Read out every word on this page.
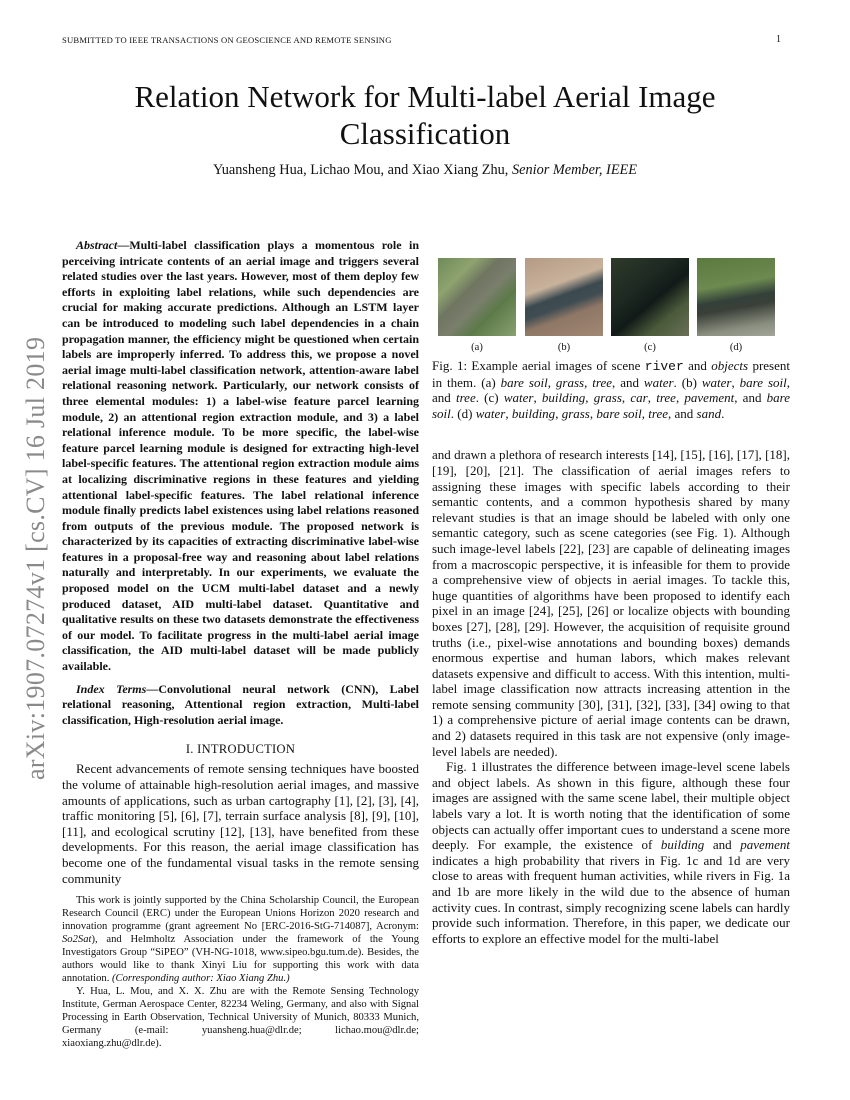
SUBMITTED TO IEEE TRANSACTIONS ON GEOSCIENCE AND REMOTE SENSING	1
arXiv:1907.07274v1 [cs.CV] 16 Jul 2019
Relation Network for Multi-label Aerial Image
Classification
Yuansheng Hua, Lichao Mou, and Xiao Xiang Zhu, Senior Member, IEEE
Abstract—Multi-label classification plays a momentous role in perceiving intricate contents of an aerial image and triggers several related studies over the last years. However, most of them deploy few efforts in exploiting label relations, while such dependencies are crucial for making accurate predictions. Although an LSTM layer can be introduced to modeling such label dependencies in a chain propagation manner, the efficiency might be questioned when certain labels are improperly inferred. To address this, we propose a novel aerial image multi-label classification network, attention-aware label relational reasoning network. Particularly, our network consists of three elemental modules: 1) a label-wise feature parcel learning module, 2) an attentional region extraction module, and 3) a label relational inference module. To be more specific, the label-wise feature parcel learning module is designed for extracting high-level label-specific features. The attentional region extraction module aims at localizing discriminative regions in these features and yielding attentional label-specific features. The label relational inference module finally predicts label existences using label relations reasoned from outputs of the previous module. The proposed network is characterized by its capacities of extracting discriminative label-wise features in a proposal-free way and reasoning about label relations naturally and interpretably. In our experiments, we evaluate the proposed model on the UCM multi-label dataset and a newly produced dataset, AID multi-label dataset. Quantitative and qualitative results on these two datasets demonstrate the effectiveness of our model. To facilitate progress in the multi-label aerial image classification, the AID multi-label dataset will be made publicly available.
Index Terms—Convolutional neural network (CNN), Label relational reasoning, Attentional region extraction, Multi-label classification, High-resolution aerial image.
I. INTRODUCTION
Recent advancements of remote sensing techniques have boosted the volume of attainable high-resolution aerial images, and massive amounts of applications, such as urban cartography [1], [2], [3], [4], traffic monitoring [5], [6], [7], terrain surface analysis [8], [9], [10], [11], and ecological scrutiny [12], [13], have benefited from these developments. For this reason, the aerial image classification has become one of the fundamental visual tasks in the remote sensing community

This work is jointly supported by the China Scholarship Council, the European Research Council (ERC) under the European Unions Horizon 2020 research and innovation programme (grant agreement No [ERC-2016-StG-714087], Acronym: So2Sat), and Helmholtz Association under the framework of the Young Investigators Group “SiPEO” (VH-NG-1018, www.sipeo.bgu.tum.de). Besides, the authors would like to thank Xinyi Liu for supporting this work with data annotation. (Corresponding author: Xiao Xiang Zhu.)

Y. Hua, L. Mou, and X. X. Zhu are with the Remote Sensing Technology Institute, German Aerospace Center, 82234 Weling, Germany, and also with Signal Processing in Earth Observation, Technical University of Munich, 80333 Munich, Germany (e-mail: yuansheng.hua@dlr.de; lichao.mou@dlr.de; xiaoxiang.zhu@dlr.de).

(a)	(b)	(c)	(d)
Fig. 1: Example aerial images of scene river and objects present in them. (a) bare soil, grass, tree, and water. (b) water, bare soil, and tree. (c) water, building, grass, car, tree, pavement, and bare soil. (d) water, building, grass, bare soil, tree, and sand.

and drawn a plethora of research interests [14], [15], [16], [17], [18], [19], [20], [21]. The classification of aerial images refers to assigning these images with specific labels according to their semantic contents, and a common hypothesis shared by many relevant studies is that an image should be labeled with only one semantic category, such as scene categories (see Fig. 1). Although such image-level labels [22], [23] are capable of delineating images from a macroscopic perspective, it is infeasible for them to provide a comprehensive view of objects in aerial images. To tackle this, huge quantities of algorithms have been proposed to identify each pixel in an image [24], [25], [26] or localize objects with bounding boxes [27], [28], [29]. However, the acquisition of requisite ground truths (i.e., pixel-wise annotations and bounding boxes) demands enormous expertise and human labors, which makes relevant datasets expensive and difficult to access. With this intention, multi-label image classification now attracts increasing attention in the remote sensing community [30], [31], [32], [33], [34] owing to that 1) a comprehensive picture of aerial image contents can be drawn, and 2) datasets required in this task are not expensive (only image-level labels are needed).

Fig. 1 illustrates the difference between image-level scene labels and object labels. As shown in this figure, although these four images are assigned with the same scene label, their multiple object labels vary a lot. It is worth noting that the identification of some objects can actually offer important cues to understand a scene more deeply. For example, the existence of building and pavement indicates a high probability that rivers in Fig. 1c and 1d are very close to areas with frequent human activities, while rivers in Fig. 1a and 1b are more likely in the wild due to the absence of human activity cues. In contrast, simply recognizing scene labels can hardly provide such information. Therefore, in this paper, we dedicate our efforts to explore an effective model for the multi-label
